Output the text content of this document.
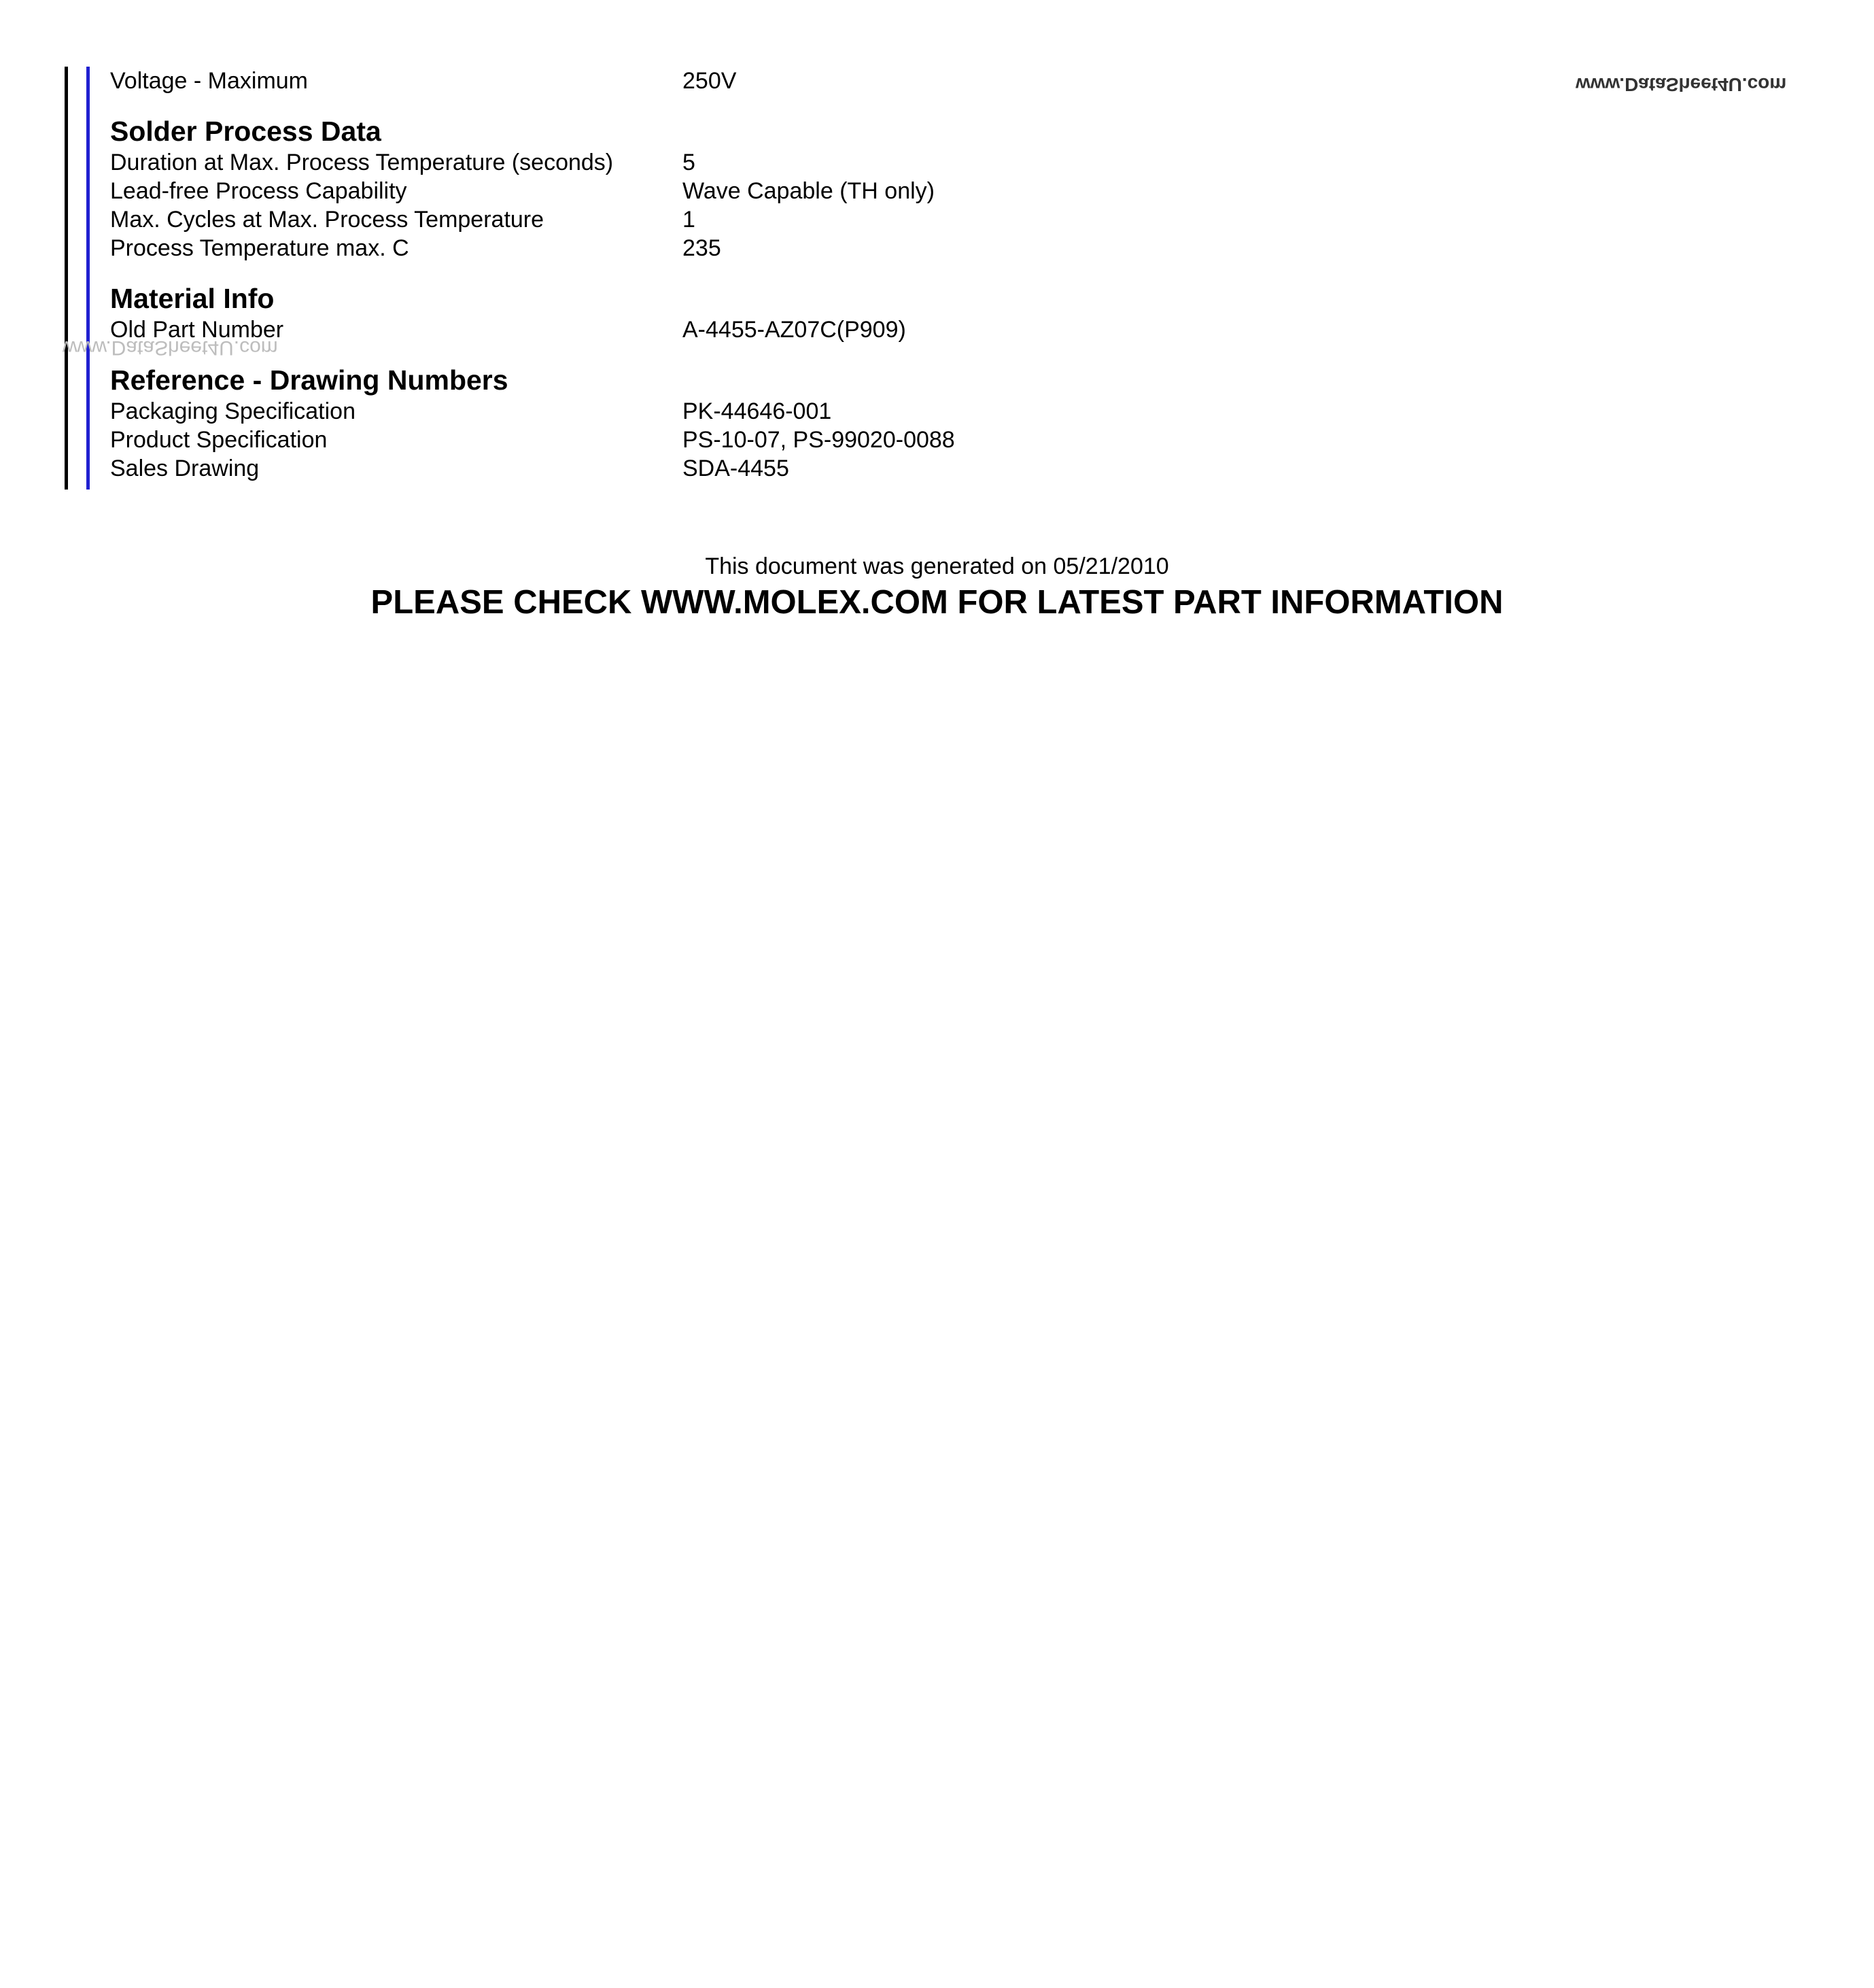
www.DataSheet4U.com
Voltage - Maximum	250V
Solder Process Data
Duration at Max. Process Temperature (seconds)	5
Lead-free Process Capability	Wave Capable (TH only)
Max. Cycles at Max. Process Temperature	1
Process Temperature max. C	235
Material Info
Old Part Number	A-4455-AZ07C(P909)
Reference - Drawing Numbers
Packaging Specification	PK-44646-001
Product Specification	PS-10-07, PS-99020-0088
Sales Drawing	SDA-4455
www.DataSheet4U.com
This document was generated on 05/21/2010
PLEASE CHECK WWW.MOLEX.COM FOR LATEST PART INFORMATION
